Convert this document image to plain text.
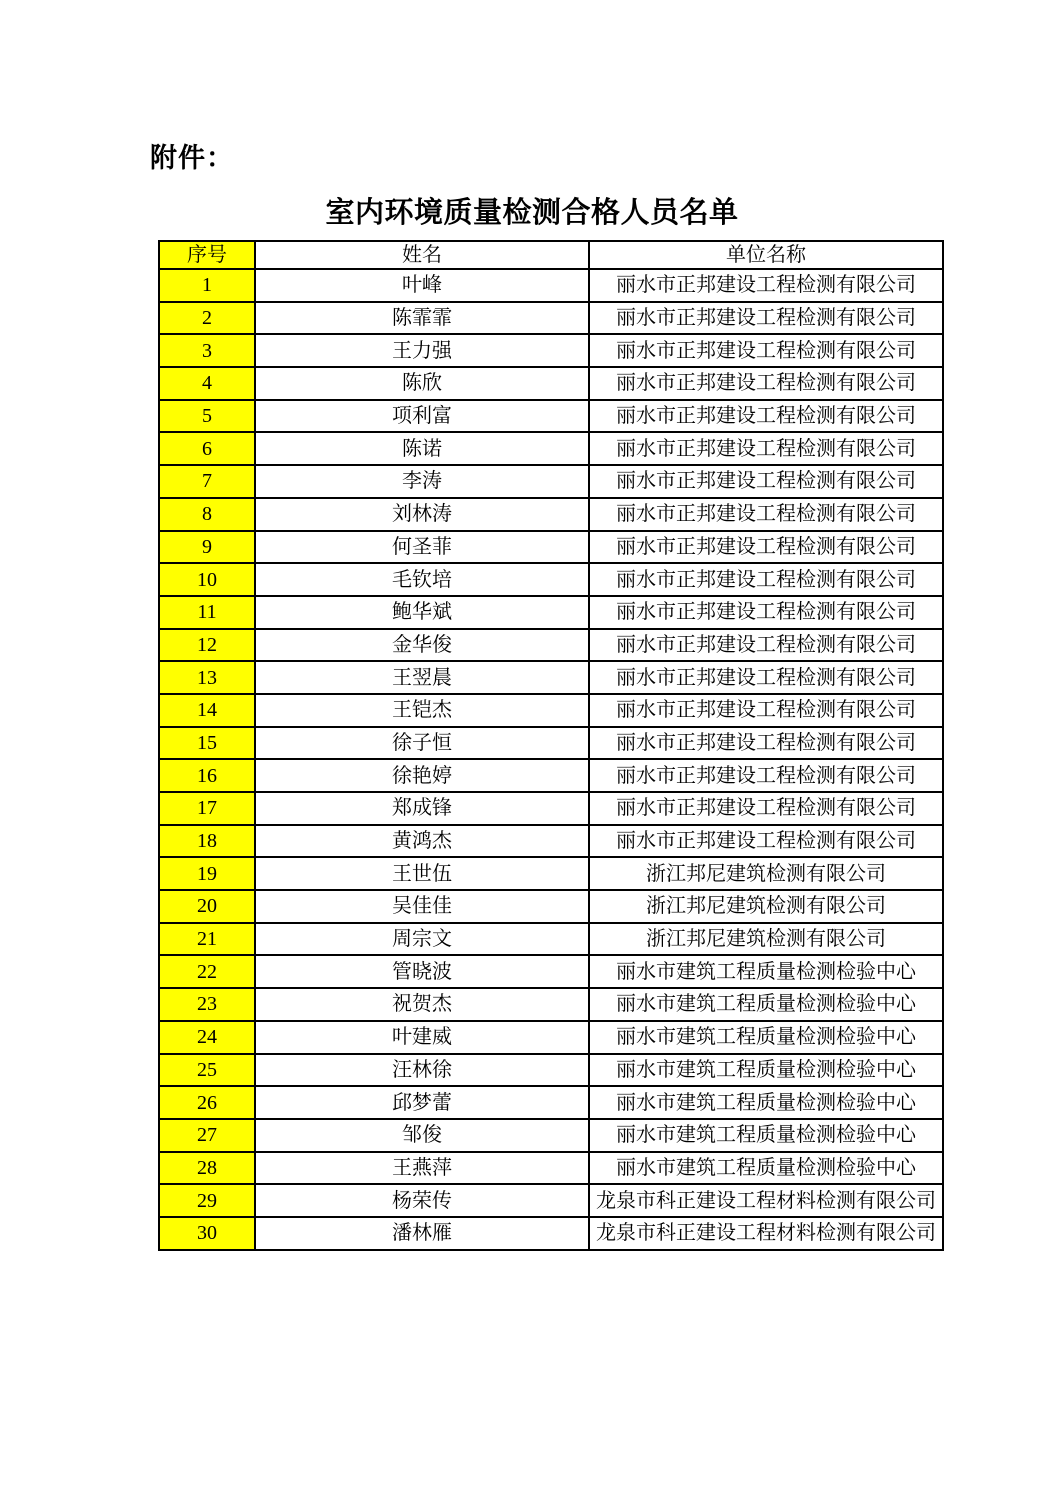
附件：
室内环境质量检测合格人员名单
序号	姓名	单位名称
1	叶峰	丽水市正邦建设工程检测有限公司
2	陈霏霏	丽水市正邦建设工程检测有限公司
3	王力强	丽水市正邦建设工程检测有限公司
4	陈欣	丽水市正邦建设工程检测有限公司
5	项利富	丽水市正邦建设工程检测有限公司
6	陈诺	丽水市正邦建设工程检测有限公司
7	李涛	丽水市正邦建设工程检测有限公司
8	刘林涛	丽水市正邦建设工程检测有限公司
9	何圣菲	丽水市正邦建设工程检测有限公司
10	毛钦培	丽水市正邦建设工程检测有限公司
11	鲍华斌	丽水市正邦建设工程检测有限公司
12	金华俊	丽水市正邦建设工程检测有限公司
13	王翌晨	丽水市正邦建设工程检测有限公司
14	王铠杰	丽水市正邦建设工程检测有限公司
15	徐子恒	丽水市正邦建设工程检测有限公司
16	徐艳婷	丽水市正邦建设工程检测有限公司
17	郑成锋	丽水市正邦建设工程检测有限公司
18	黄鸿杰	丽水市正邦建设工程检测有限公司
19	王世伍	浙江邦尼建筑检测有限公司
20	吴佳佳	浙江邦尼建筑检测有限公司
21	周宗文	浙江邦尼建筑检测有限公司
22	管晓波	丽水市建筑工程质量检测检验中心
23	祝贺杰	丽水市建筑工程质量检测检验中心
24	叶建威	丽水市建筑工程质量检测检验中心
25	汪林徐	丽水市建筑工程质量检测检验中心
26	邱梦蕾	丽水市建筑工程质量检测检验中心
27	邹俊	丽水市建筑工程质量检测检验中心
28	王燕萍	丽水市建筑工程质量检测检验中心
29	杨荣传	龙泉市科正建设工程材料检测有限公司
30	潘林雁	龙泉市科正建设工程材料检测有限公司
